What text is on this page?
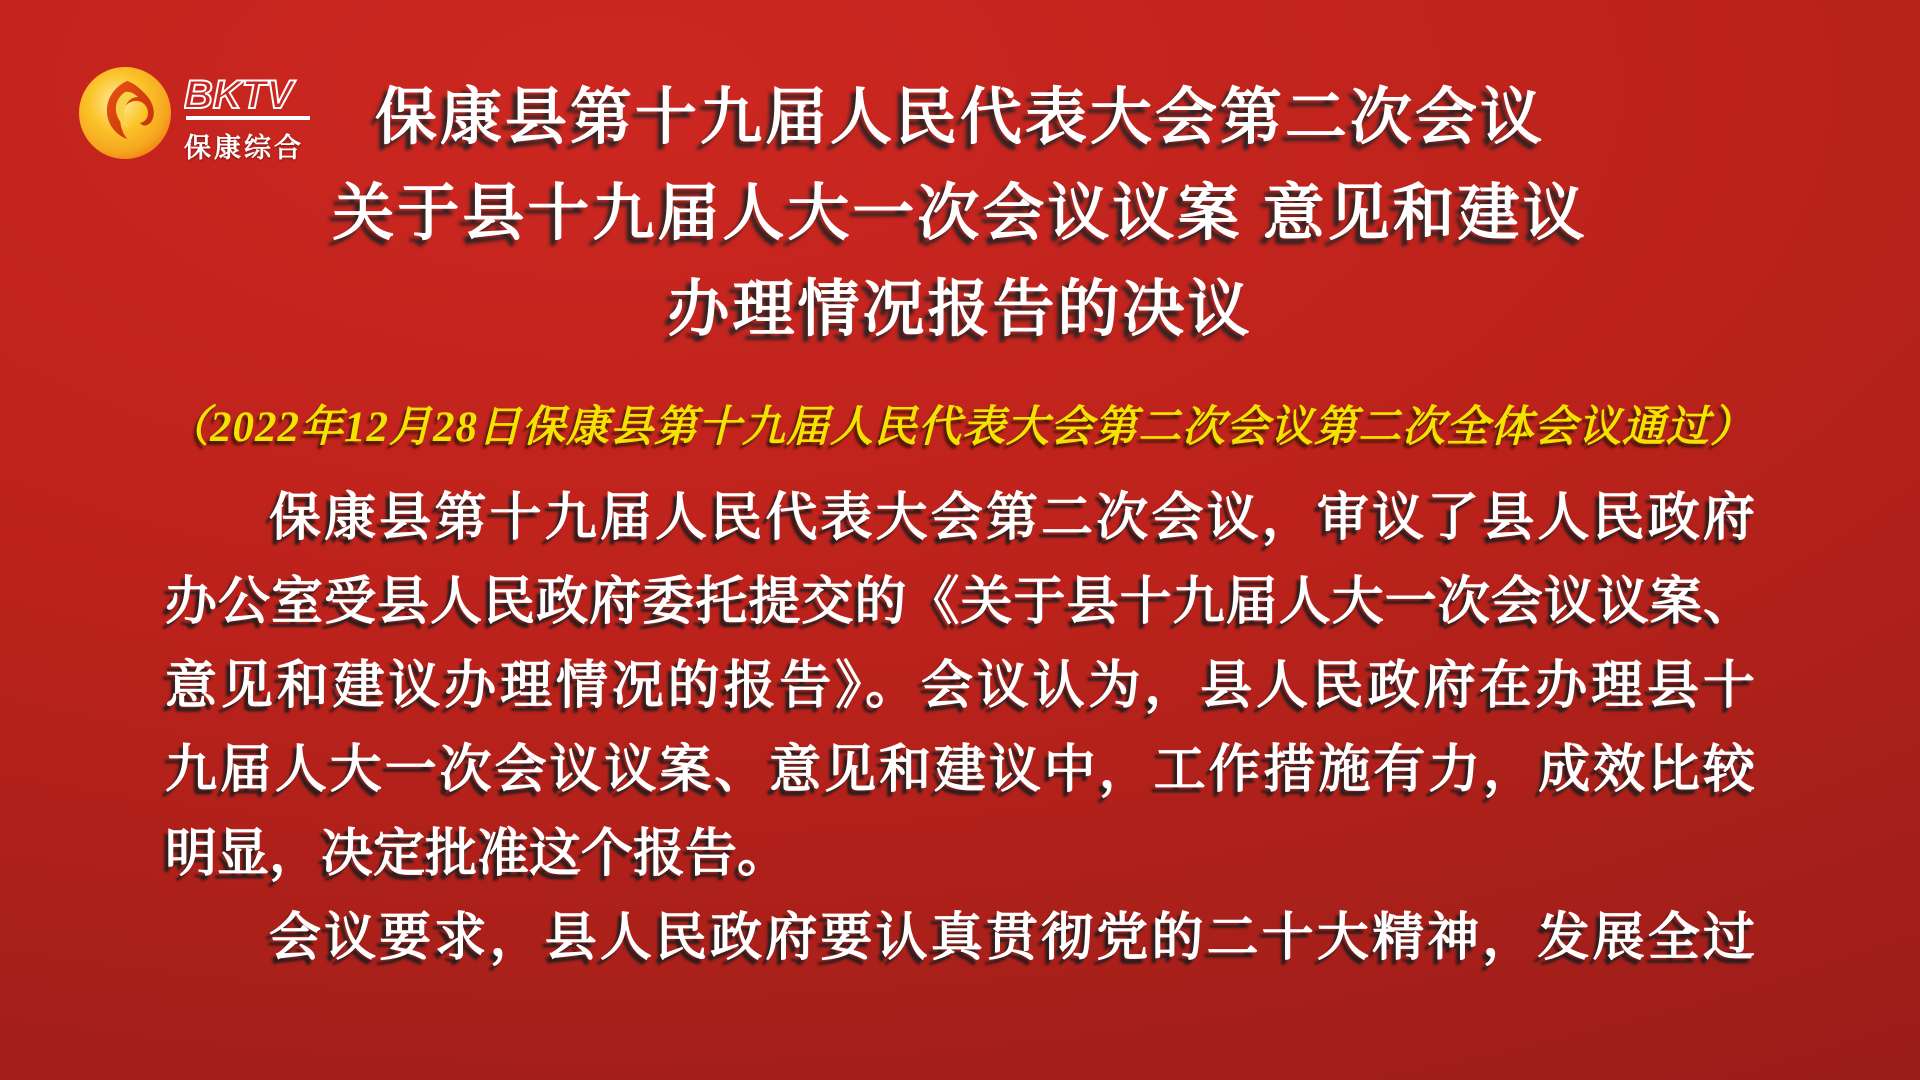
BKTV
保康综合	保康县第十九届人民代表大会第二次会议
关于县十九届人大一次会议议案 意见和建议
办理情况报告的决议
（2022年12月28日保康县第十九届人民代表大会第二次会议第二次全体会议通过）
保康县第十九届人民代表大会第二次会议，审议了县人民政府
办公室受县人民政府委托提交的《关于县十九届人大一次会议议案、
意见和建议办理情况的报告》。会议认为，县人民政府在办理县十
九届人大一次会议议案、意见和建议中，工作措施有力，成效比较
明显，决定批准这个报告。
会议要求，县人民政府要认真贯彻党的二十大精神，发展全过
